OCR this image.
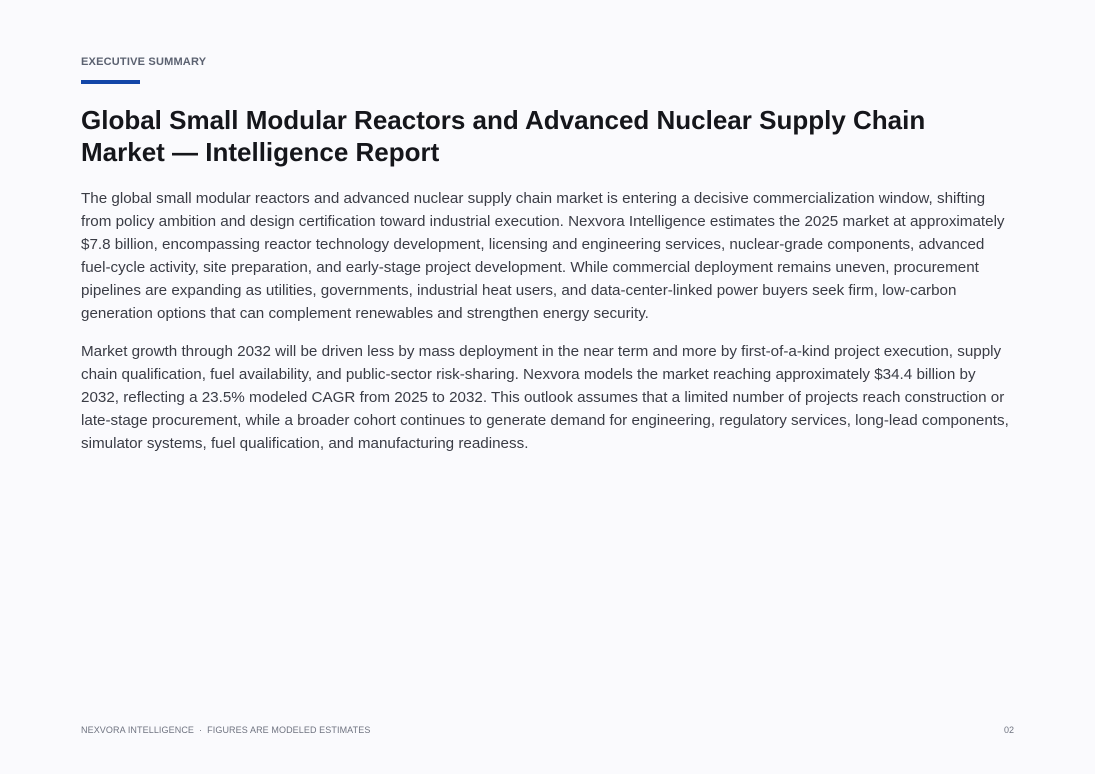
EXECUTIVE SUMMARY
Global Small Modular Reactors and Advanced Nuclear Supply Chain Market — Intelligence Report

The global small modular reactors and advanced nuclear supply chain market is entering a decisive commercialization window, shifting from policy ambition and design certification toward industrial execution. Nexvora Intelligence estimates the 2025 market at approximately $7.8 billion, encompassing reactor technology development, licensing and engineering services, nuclear-grade components, advanced fuel-cycle activity, site preparation, and early-stage project development. While commercial deployment remains uneven, procurement pipelines are expanding as utilities, governments, industrial heat users, and data-center-linked power buyers seek firm, low-carbon generation options that can complement renewables and strengthen energy security.

Market growth through 2032 will be driven less by mass deployment in the near term and more by first-of-a-kind project execution, supply chain qualification, fuel availability, and public-sector risk-sharing. Nexvora models the market reaching approximately $34.4 billion by 2032, reflecting a 23.5% modeled CAGR from 2025 to 2032. This outlook assumes that a limited number of projects reach construction or late-stage procurement, while a broader cohort continues to generate demand for engineering, regulatory services, long-lead components, simulator systems, fuel qualification, and manufacturing readiness.

NEXVORA INTELLIGENCE · FIGURES ARE MODELED ESTIMATES	02
